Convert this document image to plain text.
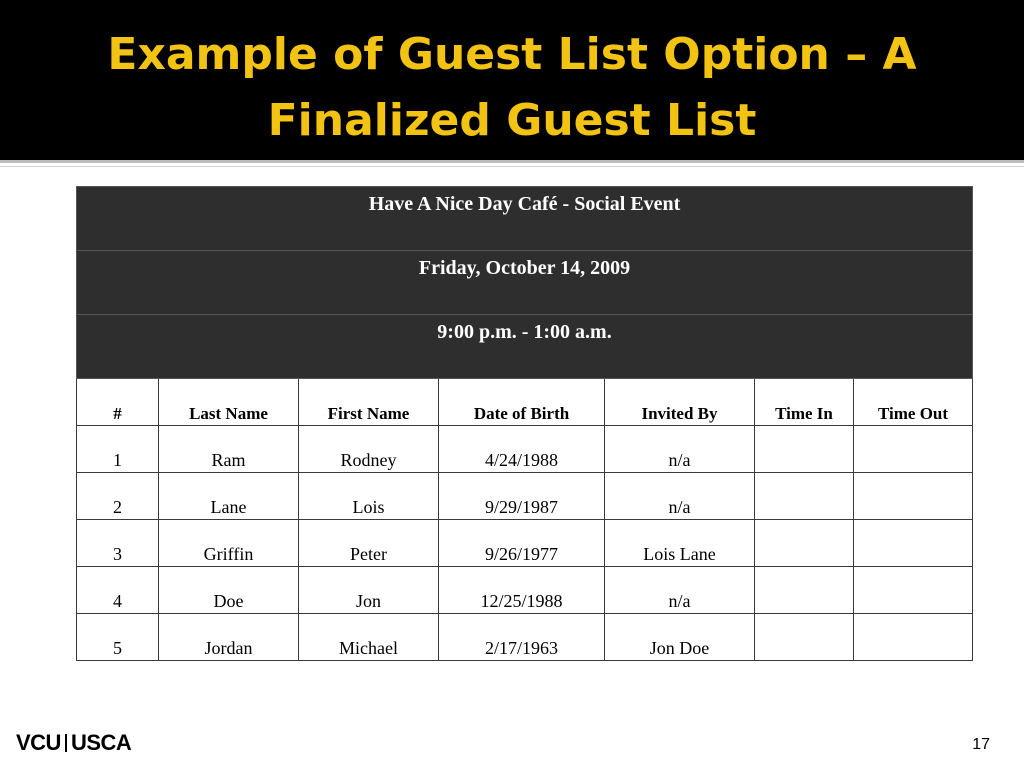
Example of Guest List Option – A Finalized Guest List
Have A Nice Day Café - Social Event						
Friday, October 14, 2009						
9:00 p.m. - 1:00 a.m.						
#	Last Name	First Name	Date of Birth	Invited By	Time In	Time Out
1	Ram	Rodney	4/24/1988	n/a		
2	Lane	Lois	9/29/1987	n/a		
3	Griffin	Peter	9/26/1977	Lois Lane		
4	Doe	Jon	12/25/1988	n/a		
5	Jordan	Michael	2/17/1963	Jon Doe		
VCU USCA	17
